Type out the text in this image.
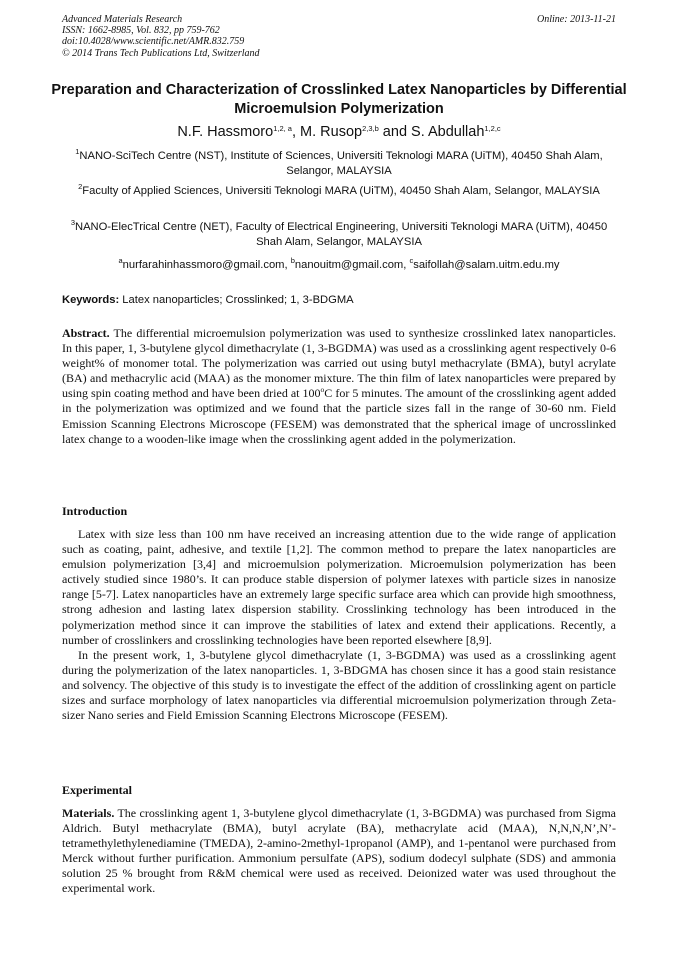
Advanced Materials Research
ISSN: 1662-8985, Vol. 832, pp 759-762
doi:10.4028/www.scientific.net/AMR.832.759
© 2014 Trans Tech Publications Ltd, Switzerland
Online: 2013-11-21
Preparation and Characterization of Crosslinked Latex Nanoparticles by Differential Microemulsion Polymerization
N.F. Hassmoro$^{1,2, a}$, M. Rusop$^{2,3,b}$ and S. Abdullah$^{1,2,c}$
$^1$NANO-SciTech Centre (NST), Institute of Sciences, Universiti Teknologi MARA (UiTM), 40450 Shah Alam, Selangor, MALAYSIA
$^2$Faculty of Applied Sciences, Universiti Teknologi MARA (UiTM), 40450 Shah Alam, Selangor, MALAYSIA
$^3$NANO-ElecTrical Centre (NET), Faculty of Electrical Engineering, Universiti Teknologi MARA (UiTM), 40450 Shah Alam, Selangor, MALAYSIA
$^a$nurfarahinhassmoro@gmail.com, $^b$nanouitm@gmail.com, $^c$saifollah@salam.uitm.edu.my
Keywords: Latex nanoparticles; Crosslinked; 1, 3-BDGMA
Abstract. The differential microemulsion polymerization was used to synthesize crosslinked latex nanoparticles. In this paper, 1, 3-butylene glycol dimethacrylate (1, 3-BGDMA) was used as a crosslinking agent respectively 0-6 weight% of monomer total. The polymerization was carried out using butyl methacrylate (BMA), butyl acrylate (BA) and methacrylic acid (MAA) as the monomer mixture. The thin film of latex nanoparticles were prepared by using spin coating method and have been dried at 100$^o$C for 5 minutes. The amount of the crosslinking agent added in the polymerization was optimized and we found that the particle sizes fall in the range of 30-60 nm. Field Emission Scanning Electrons Microscope (FESEM) was demonstrated that the spherical image of uncrosslinked latex change to a wooden-like image when the crosslinking agent added in the polymerization.
Introduction

Latex with size less than 100 nm have received an increasing attention due to the wide range of application such as coating, paint, adhesive, and textile [1,2]. The common method to prepare the latex nanoparticles are emulsion polymerization [3,4] and microemulsion polymerization. Microemulsion polymerization has been actively studied since 1980’s. It can produce stable dispersion of polymer latexes with particle sizes in nanosize range [5-7]. Latex nanoparticles have an extremely large specific surface area which can provide high smoothness, strong adhesion and lasting latex dispersion stability. Crosslinking technology has been introduced in the polymerization method since it can improve the stabilities of latex and extend their applications. Recently, a number of crosslinkers and crosslinking technologies have been reported elsewhere [8,9].

In the present work, 1, 3-butylene glycol dimethacrylate (1, 3-BGDMA) was used as a crosslinking agent during the polymerization of the latex nanoparticles. 1, 3-BDGMA has chosen since it has a good stain resistance and solvency. The objective of this study is to investigate the effect of the addition of crosslinking agent on particle sizes and surface morphology of latex nanoparticles via differential microemulsion polymerization through Zeta-sizer Nano series and Field Emission Scanning Electrons Microscope (FESEM).

Experimental
Materials. The crosslinking agent 1, 3-butylene glycol dimethacrylate (1, 3-BGDMA) was purchased from Sigma Aldrich. Butyl methacrylate (BMA), butyl acrylate (BA), methacrylate acid (MAA), N,N,N,N’,N’-tetramethylethylenediamine (TMEDA), 2-amino-2methyl-1propanol (AMP), and 1-pentanol were purchased from Merck without further purification. Ammonium persulfate (APS), sodium dodecyl sulphate (SDS) and ammonia solution 25 % brought from R&M chemical were used as received. Deionized water was used throughout the experimental work.
